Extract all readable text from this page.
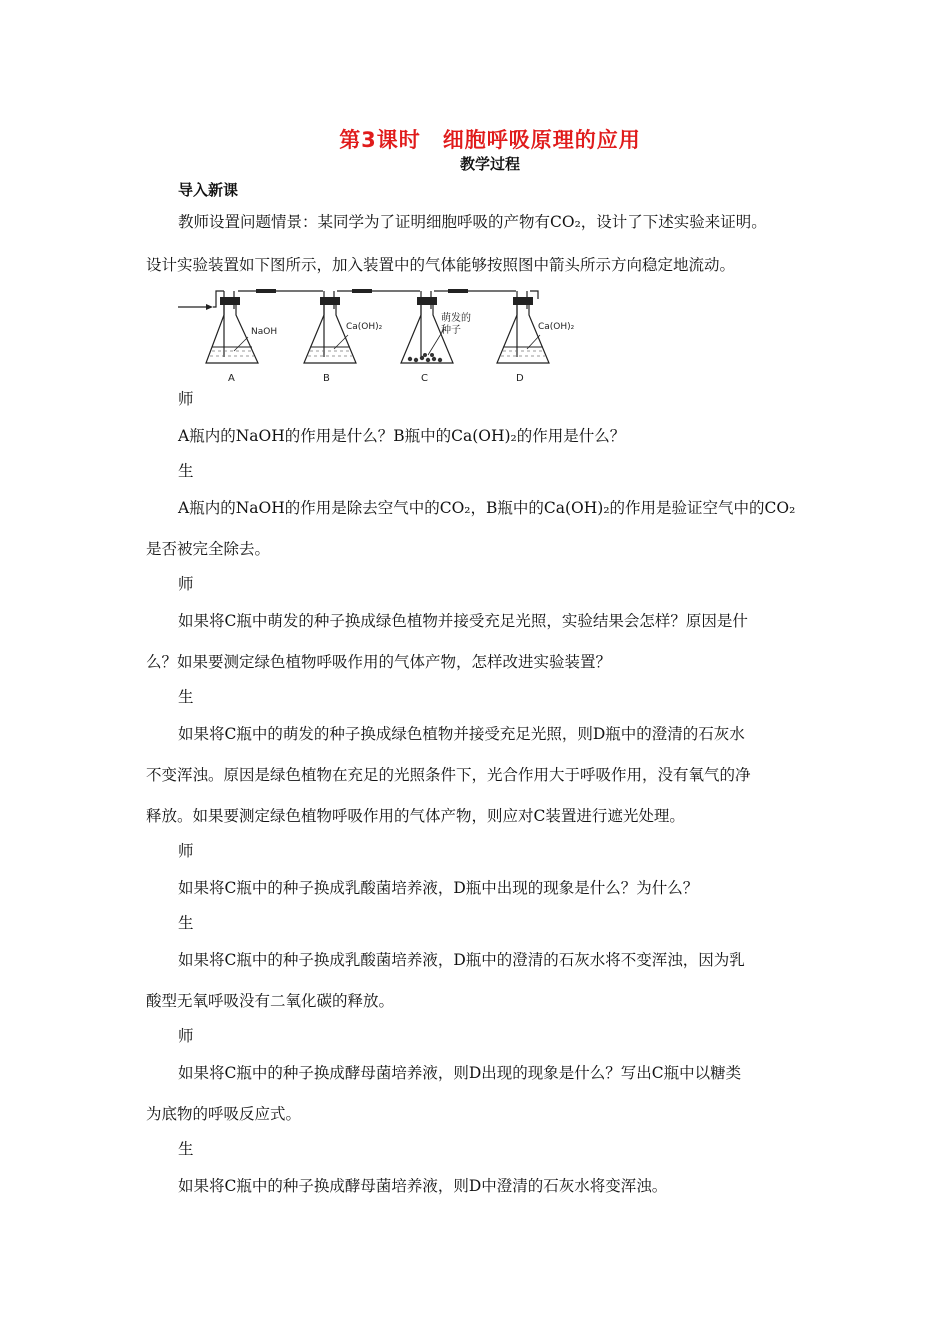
第3课时　细胞呼吸原理的应用
教学过程
导入新课

教师设置问题情景：某同学为了证明细胞呼吸的产物有CO₂，设计了下述实验来证明。

设计实验装置如下图所示，加入装置中的气体能够按照图中箭头所示方向稳定地流动。

NaOH
A
Ca(OH)₂
B
萌发的
种子
C
Ca(OH)₂
D

师

A瓶内的NaOH的作用是什么？B瓶中的Ca(OH)₂的作用是什么？

生

A瓶内的NaOH的作用是除去空气中的CO₂，B瓶中的Ca(OH)₂的作用是验证空气中的CO₂

是否被完全除去。

师

如果将C瓶中萌发的种子换成绿色植物并接受充足光照，实验结果会怎样？原因是什

么？如果要测定绿色植物呼吸作用的气体产物，怎样改进实验装置？

生

如果将C瓶中的萌发的种子换成绿色植物并接受充足光照，则D瓶中的澄清的石灰水

不变浑浊。原因是绿色植物在充足的光照条件下，光合作用大于呼吸作用，没有氧气的净

释放。如果要测定绿色植物呼吸作用的气体产物，则应对C装置进行遮光处理。

师

如果将C瓶中的种子换成乳酸菌培养液，D瓶中出现的现象是什么？为什么？

生

如果将C瓶中的种子换成乳酸菌培养液，D瓶中的澄清的石灰水将不变浑浊，因为乳

酸型无氧呼吸没有二氧化碳的释放。

师

如果将C瓶中的种子换成酵母菌培养液，则D出现的现象是什么？写出C瓶中以糖类

为底物的呼吸反应式。

生

如果将C瓶中的种子换成酵母菌培养液，则D中澄清的石灰水将变浑浊。
